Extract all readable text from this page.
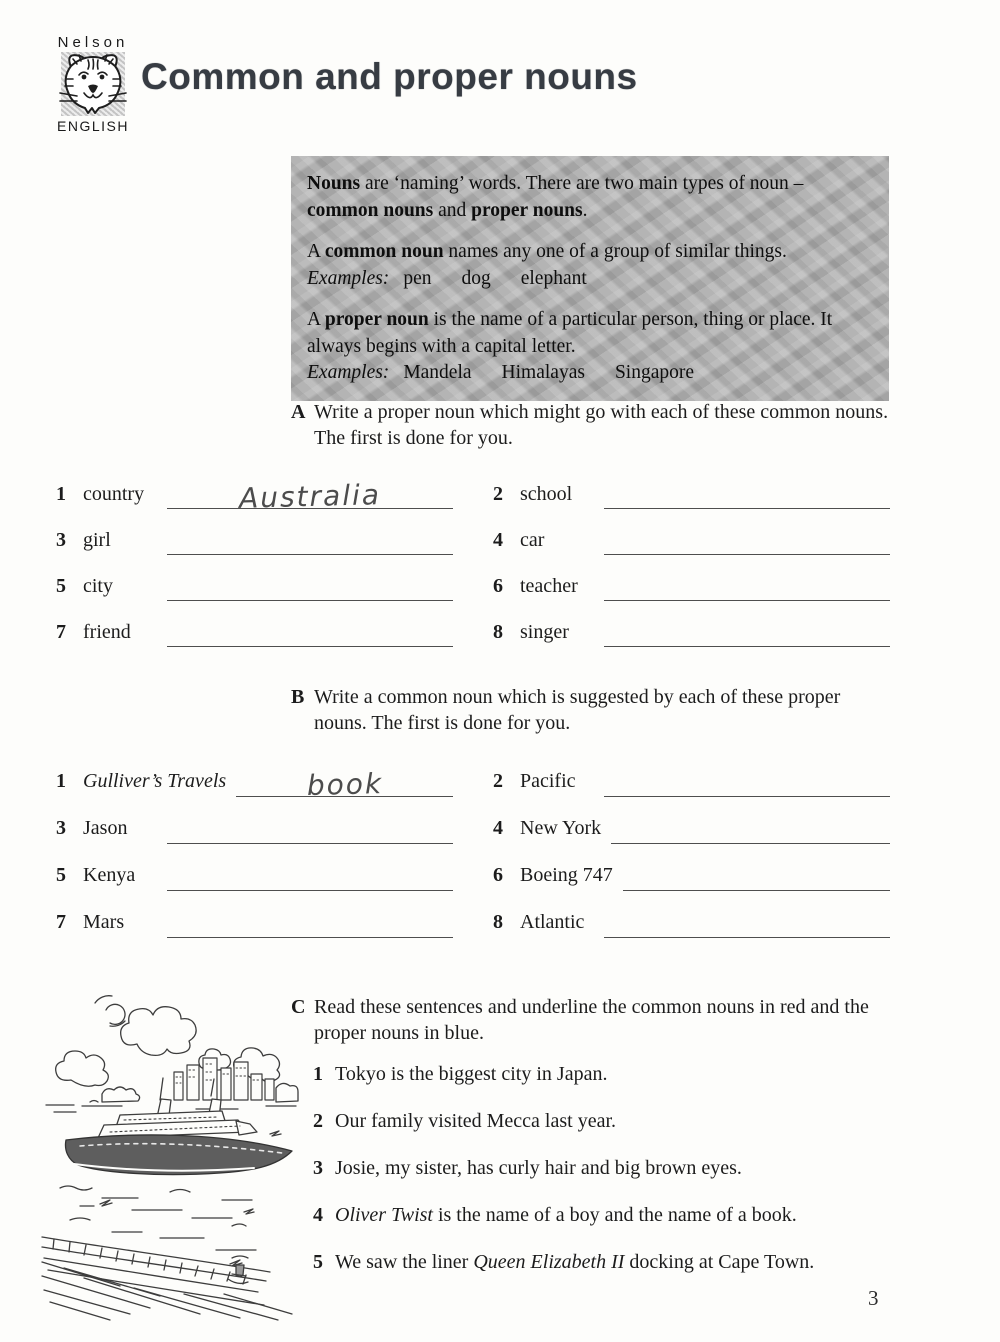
Nelson
ENGLISH
Common and proper nouns

Nouns are ‘naming’ words. There are two main types of noun – common nouns and proper nouns.

A common noun names any one of a group of similar things.

Examples: pen dog elephant

A proper noun is the name of a particular person, thing or place. It always begins with a capital letter.

Examples: Mandela Himalayas Singapore

A Write a proper noun which might go with each of these common nouns. The first is done for you.
1 country	Australia	2 school
3 girl	4 car
5 city	6 teacher
7 friend	8 singer
B Write a common noun which is suggested by each of these proper nouns. The first is done for you.
1 Gulliver’s Travels	book	2 Pacific
3 Jason	4 New York
5 Kenya	6 Boeing 747
7 Mars	8 Atlantic
C Read these sentences and underline the common nouns in red and the proper nouns in blue.
1 Tokyo is the biggest city in Japan.
2 Our family visited Mecca last year.
3 Josie, my sister, has curly hair and big brown eyes.
4 Oliver Twist is the name of a boy and the name of a book.
5 We saw the liner Queen Elizabeth II docking at Cape Town.
3
